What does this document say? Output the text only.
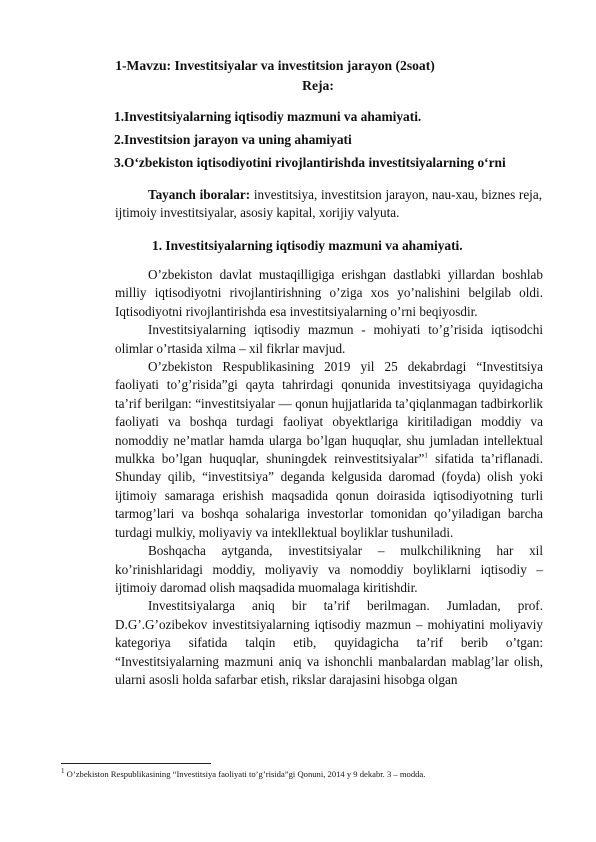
1-Mavzu: Investitsiyalar va investitsion jarayon (2soat)
Reja:
1.Investitsiyalarning iqtisodiy mazmuni va ahamiyati.
2.Investitsion jarayon va uning ahamiyati
3.O‘zbekiston iqtisodiyotini rivojlantirishda investitsiyalarning o‘rni

Tayanch iboralar: investitsiya, investitsion jarayon, nau-xau, biznes reja, ijtimoiy investitsiyalar, asosiy kapital, xorijiy valyuta.

1. Investitsiyalarning iqtisodiy mazmuni va ahamiyati.

O’zbekiston davlat mustaqilligiga erishgan dastlabki yillardan boshlab milliy iqtisodiyotni rivojlantirishning o’ziga xos yo’nalishini belgilab oldi. Iqtisodiyotni rivojlantirishda esa investitsiyalarning o’rni beqiyosdir.

Investitsiyalarning iqtisodiy mazmun - mohiyati to’g’risida iqtisodchi olimlar o’rtasida xilma – xil fikrlar mavjud.

O’zbekiston Respublikasining 2019 yil 25 dekabrdagi “Investitsiya faoliyati to’g’risida”gi qayta tahrirdagi qonunida investitsiyaga quyidagicha ta’rif berilgan: “investitsiyalar — qonun hujjatlarida ta’qiqlanmagan tadbirkorlik faoliyati va boshqa turdagi faoliyat obyektlariga kiritiladigan moddiy va nomoddiy ne’matlar hamda ularga bo’lgan huquqlar, shu jumladan intellektual mulkka bo’lgan huquqlar, shuningdek reinvestitsiyalar”$^1$ sifatida ta’riflanadi. Shunday qilib, “investitsiya” deganda kelgusida daromad (foyda) olish yoki ijtimoiy samaraga erishish maqsadida qonun doirasida iqtisodiyotning turli tarmog’lari va boshqa sohalariga investorlar tomonidan qo’yiladigan barcha turdagi mulkiy, moliyaviy va intekllektual boyliklar tushuniladi.

Boshqacha aytganda, investitsiyalar – mulkchilikning har xil ko’rinishlaridagi moddiy, moliyaviy va nomoddiy boyliklarni iqtisodiy – ijtimoiy daromad olish maqsadida muomalaga kiritishdir.

Investitsiyalarga aniq bir ta’rif berilmagan. Jumladan, prof. D.G’.G’ozibekov investitsiyalarning iqtisodiy mazmun – mohiyatini moliyaviy kategoriya sifatida talqin etib, quyidagicha ta’rif berib o’tgan: “Investitsiyalarning mazmuni aniq va ishonchli manbalardan mablag’lar olish, ularni asosli holda safarbar etish, rikslar darajasini hisobga olgan

$^1$ O’zbekiston Respublikasining “Investitsiya faoliyati to’g’risida”gi Qonuni, 2014 y 9 dekabr. 3 – modda.
